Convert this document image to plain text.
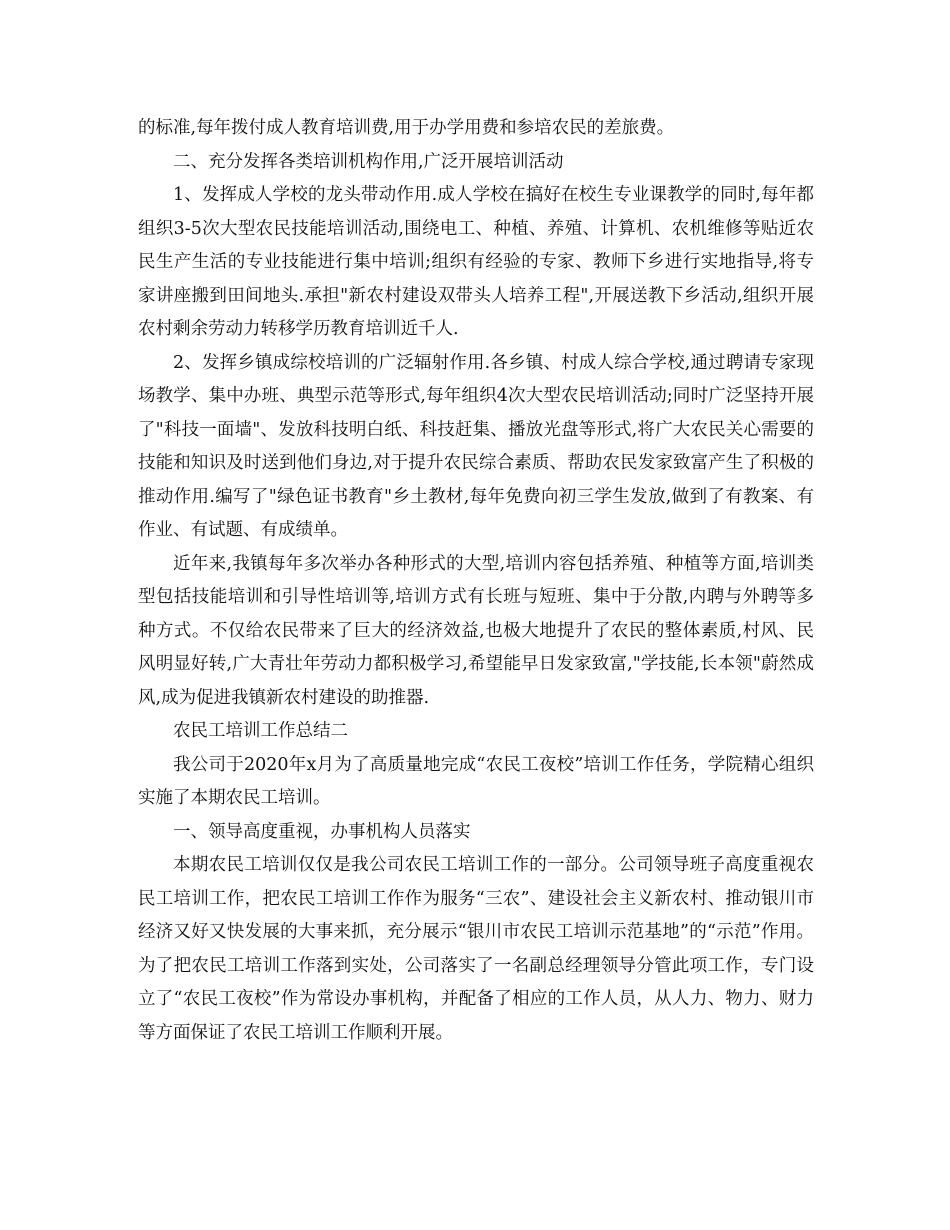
的标准,每年拨付成人教育培训费,用于办学用费和参培农民的差旅费。

二、充分发挥各类培训机构作用,广泛开展培训活动

1、发挥成人学校的龙头带动作用.成人学校在搞好在校生专业课教学的同时,每年都组织3-5次大型农民技能培训活动,围绕电工、种植、养殖、计算机、农机维修等贴近农民生产生活的专业技能进行集中培训;组织有经验的专家、教师下乡进行实地指导,将专家讲座搬到田间地头.承担"新农村建设双带头人培养工程",开展送教下乡活动,组织开展农村剩余劳动力转移学历教育培训近千人.

2、发挥乡镇成综校培训的广泛辐射作用.各乡镇、村成人综合学校,通过聘请专家现场教学、集中办班、典型示范等形式,每年组织4次大型农民培训活动;同时广泛坚持开展了"科技一面墙"、发放科技明白纸、科技赶集、播放光盘等形式,将广大农民关心需要的技能和知识及时送到他们身边,对于提升农民综合素质、帮助农民发家致富产生了积极的推动作用.编写了"绿色证书教育"乡土教材,每年免费向初三学生发放,做到了有教案、有作业、有试题、有成绩单。

近年来,我镇每年多次举办各种形式的大型,培训内容包括养殖、种植等方面,培训类型包括技能培训和引导性培训等,培训方式有长班与短班、集中于分散,内聘与外聘等多种方式。不仅给农民带来了巨大的经济效益,也极大地提升了农民的整体素质,村风、民风明显好转,广大青壮年劳动力都积极学习,希望能早日发家致富,"学技能,长本领"蔚然成风,成为促进我镇新农村建设的助推器.

农民工培训工作总结二

我公司于2020年x月为了高质量地完成“农民工夜校”培训工作任务，学院精心组织实施了本期农民工培训。

一、领导高度重视，办事机构人员落实

本期农民工培训仅仅是我公司农民工培训工作的一部分。公司领导班子高度重视农民工培训工作，把农民工培训工作作为服务“三农”、建设社会主义新农村、推动银川市经济又好又快发展的大事来抓，充分展示“银川市农民工培训示范基地”的“示范”作用。为了把农民工培训工作落到实处，公司落实了一名副总经理领导分管此项工作，专门设立了“农民工夜校”作为常设办事机构，并配备了相应的工作人员，从人力、物力、财力等方面保证了农民工培训工作顺利开展。
